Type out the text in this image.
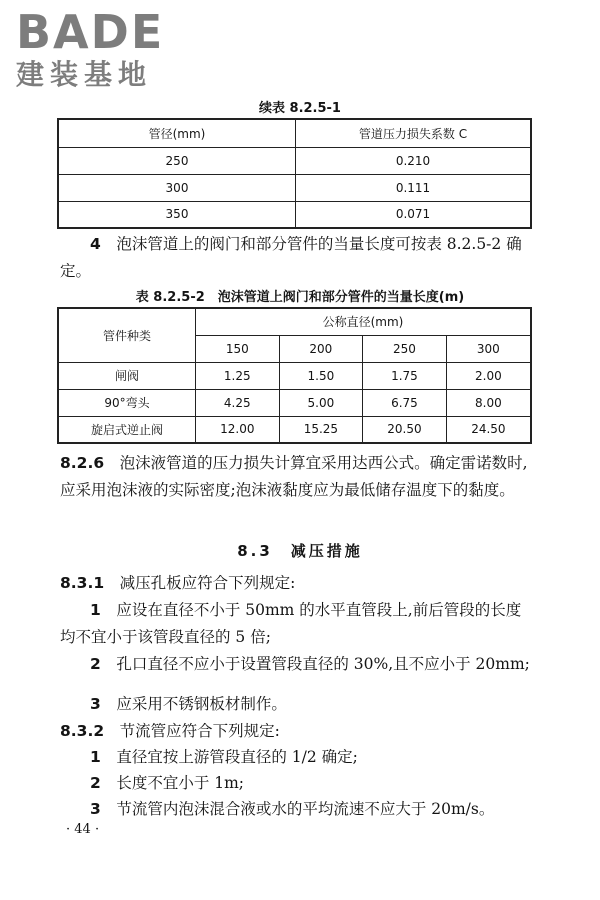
BADE
建装基地
续表 8.2.5-1
管径(mm)	管道压力损失系数 C
250	0.210
300	0.111
350	0.071
4　 泡沫管道上的阀门和部分管件的当量长度可按表 8.2.5-2 确定。
表 8.2.5-2　泡沫管道上阀门和部分管件的当量长度(m)
管件种类	公称直径(mm)			
	150	200	250	300
闸阀	1.25	1.50	1.75	2.00
90°弯头	4.25	5.00	6.75	8.00
旋启式逆止阀	12.00	15.25	20.50	24.50
8.2.6　 泡沫液管道的压力损失计算宜采用达西公式。确定雷诺数时,应采用泡沫液的实际密度;泡沫液黏度应为最低储存温度下的黏度。
8.3　减压措施
8.3.1　 减压孔板应符合下列规定:
1　 应设在直径不小于 50mm 的水平直管段上,前后管段的长度均不宜小于该管段直径的 5 倍;
2　 孔口直径不应小于设置管段直径的 30%,且不应小于 20mm;
3　 应采用不锈钢板材制作。
8.3.2　 节流管应符合下列规定:
1　 直径宜按上游管段直径的 1/2 确定;
2　 长度不宜小于 1m;
3　 节流管内泡沫混合液或水的平均流速不应大于 20m/s。
· 44 ·
